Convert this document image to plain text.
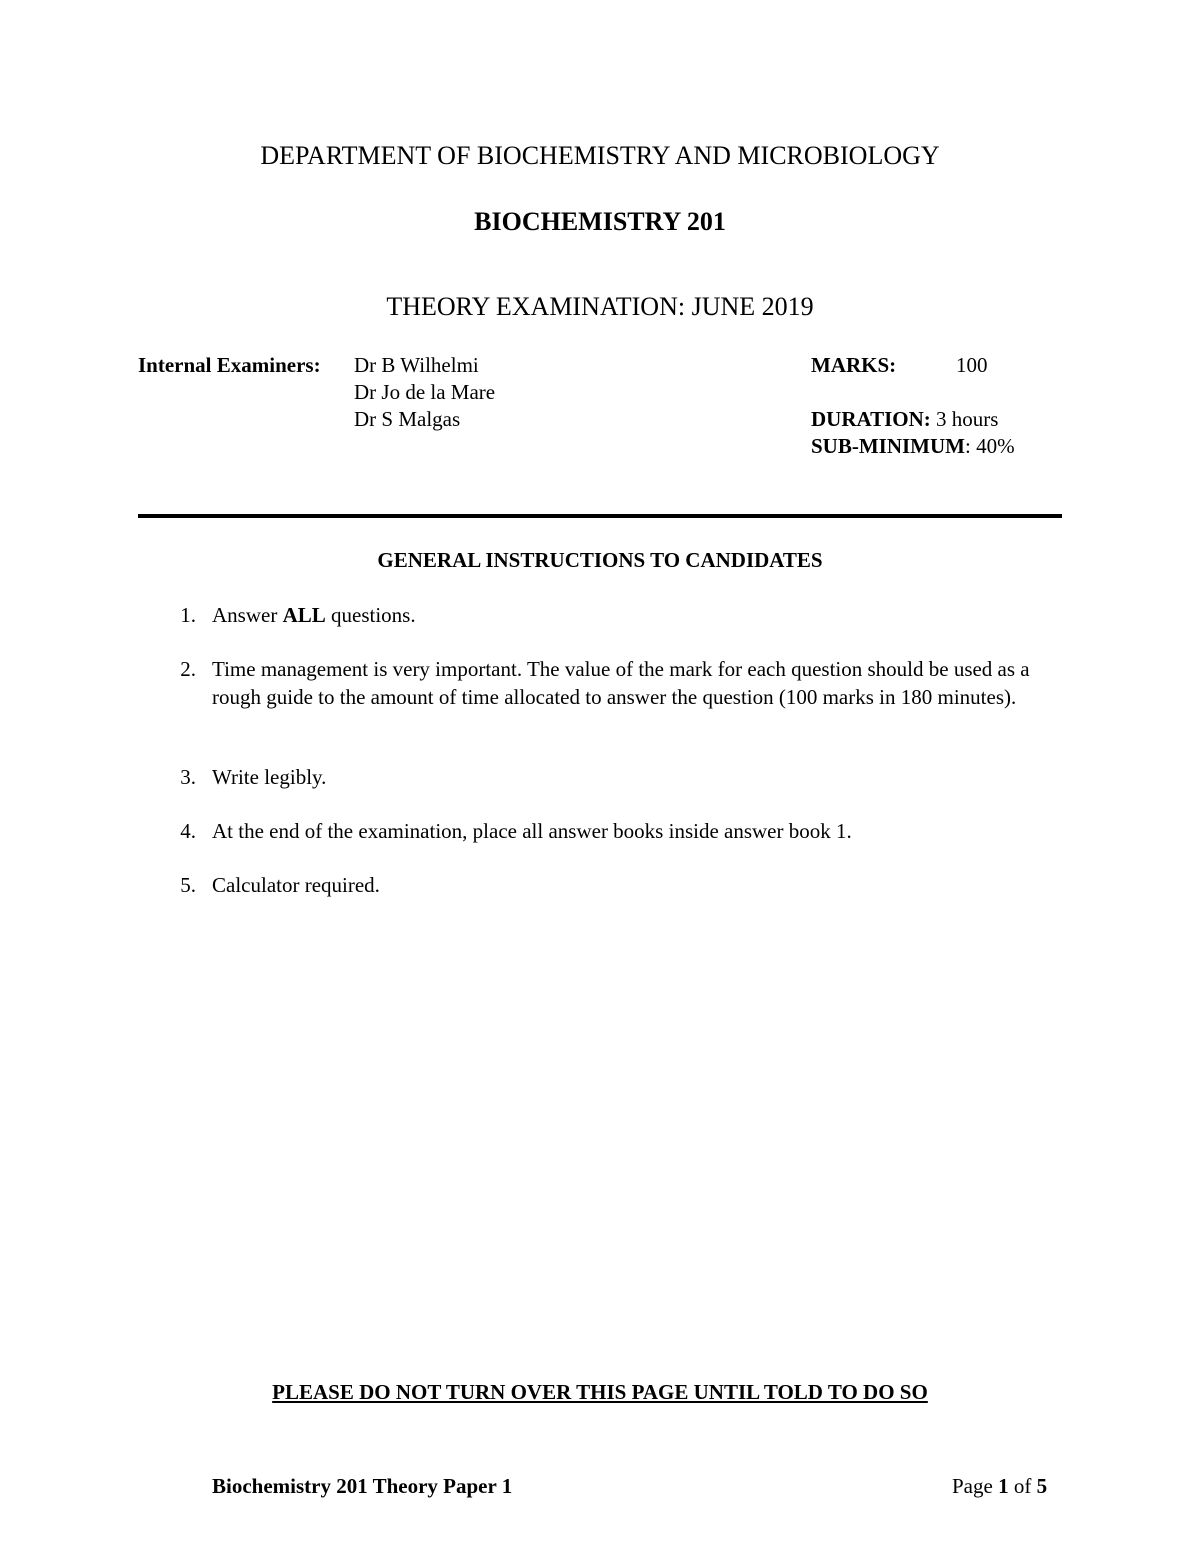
DEPARTMENT OF BIOCHEMISTRY AND MICROBIOLOGY
BIOCHEMISTRY 201
THEORY EXAMINATION: JUNE 2019
Internal Examiners: Dr B Wilhelmi
Dr Jo de la Mare
Dr S Malgas
MARKS:	100
DURATION: 3 hours
SUB-MINIMUM: 40%
GENERAL INSTRUCTIONS TO CANDIDATES
1. Answer ALL questions.
2. Time management is very important. The value of the mark for each question should be used as a rough guide to the amount of time allocated to answer the question (100 marks in 180 minutes).
3. Write legibly.
4. At the end of the examination, place all answer books inside answer book 1.
5. Calculator required.
PLEASE DO NOT TURN OVER THIS PAGE UNTIL TOLD TO DO SO
Biochemistry 201 Theory Paper 1	Page 1 of 5
